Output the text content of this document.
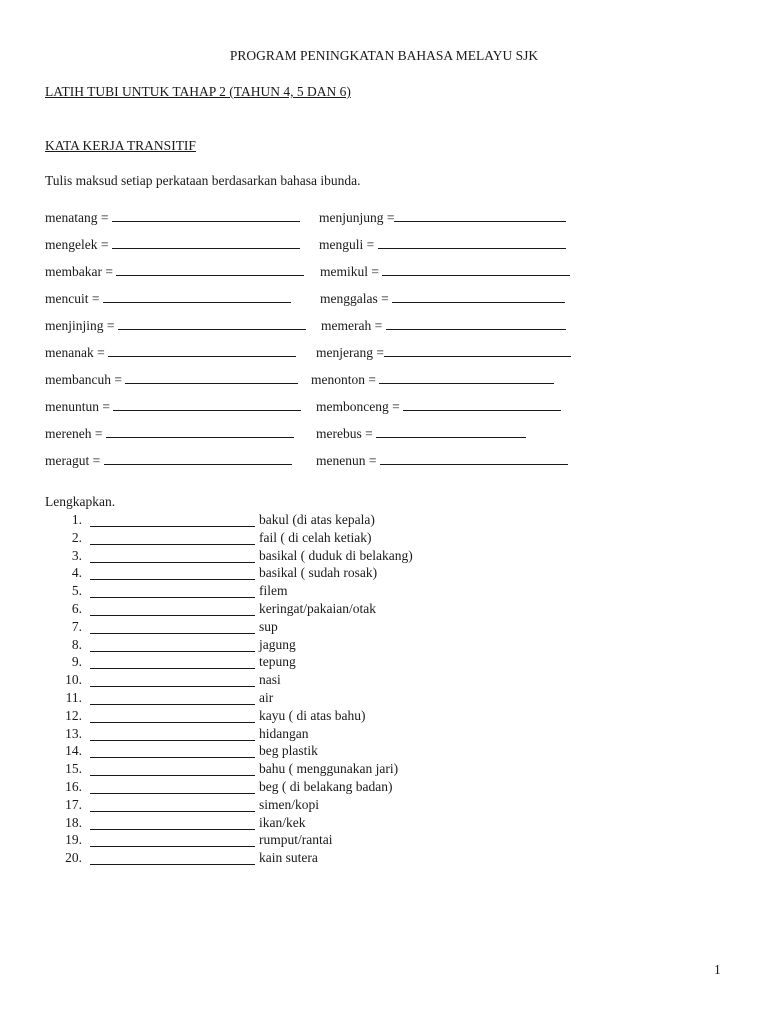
PROGRAM PENINGKATAN BAHASA MELAYU SJK
LATIH TUBI UNTUK TAHAP 2 (TAHUN 4, 5 DAN 6)
KATA KERJA TRANSITIF
Tulis maksud setiap perkataan berdasarkan bahasa ibunda.
menatang =	menjunjung =
mengelek =	menguli =
membakar =	memikul =
mencuit =	menggalas =
menjinjing =	memerah =
menanak =	menjerang =
membancuh =	menonton =
menuntun =	membonceng =
mereneh =	merebus =
meragut =	menenun =
Lengkapkan.
1.	bakul (di atas kepala)
2.	fail ( di celah ketiak)
3.	basikal ( duduk di belakang)
4.	basikal ( sudah rosak)
5.	filem
6.	keringat/pakaian/otak
7.	sup
8.	jagung
9.	tepung
10.	nasi
11.	air
12.	kayu ( di atas bahu)
13.	hidangan
14.	beg plastik
15.	bahu ( menggunakan jari)
16.	beg ( di belakang badan)
17.	simen/kopi
18.	ikan/kek
19.	rumput/rantai
20.	kain sutera
1
